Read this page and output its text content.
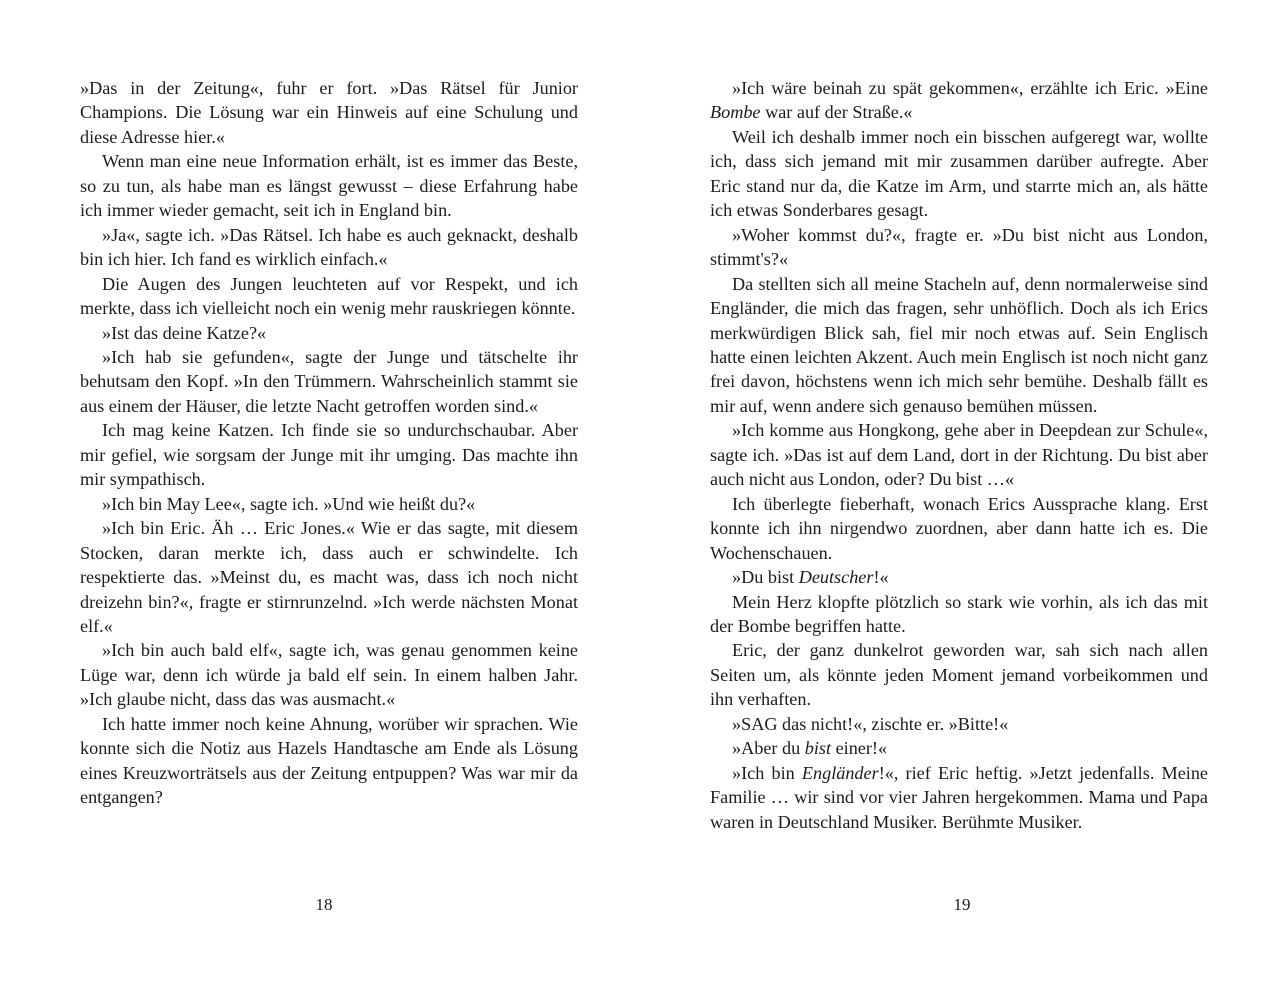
»Das in der Zeitung«, fuhr er fort. »Das Rätsel für Junior Champions. Die Lösung war ein Hinweis auf eine Schulung und diese Adresse hier.«

Wenn man eine neue Information erhält, ist es immer das Beste, so zu tun, als habe man es längst gewusst – diese Erfahrung habe ich immer wieder gemacht, seit ich in England bin.

»Ja«, sagte ich. »Das Rätsel. Ich habe es auch geknackt, deshalb bin ich hier. Ich fand es wirklich einfach.«

Die Augen des Jungen leuchteten auf vor Respekt, und ich merkte, dass ich vielleicht noch ein wenig mehr rauskriegen könnte.

»Ist das deine Katze?«

»Ich hab sie gefunden«, sagte der Junge und tätschelte ihr behutsam den Kopf. »In den Trümmern. Wahrscheinlich stammt sie aus einem der Häuser, die letzte Nacht getroffen worden sind.«

Ich mag keine Katzen. Ich finde sie so undurchschaubar. Aber mir gefiel, wie sorgsam der Junge mit ihr umging. Das machte ihn mir sympathisch.

»Ich bin May Lee«, sagte ich. »Und wie heißt du?«

»Ich bin Eric. Äh … Eric Jones.« Wie er das sagte, mit diesem Stocken, daran merkte ich, dass auch er schwindelte. Ich respektierte das. »Meinst du, es macht was, dass ich noch nicht dreizehn bin?«, fragte er stirnrunzelnd. »Ich werde nächsten Monat elf.«

»Ich bin auch bald elf«, sagte ich, was genau genommen keine Lüge war, denn ich würde ja bald elf sein. In einem halben Jahr. »Ich glaube nicht, dass das was ausmacht.«

Ich hatte immer noch keine Ahnung, worüber wir sprachen. Wie konnte sich die Notiz aus Hazels Handtasche am Ende als Lösung eines Kreuzworträtsels aus der Zeitung entpuppen? Was war mir da entgangen?

»Ich wäre beinah zu spät gekommen«, erzählte ich Eric. »Eine Bombe war auf der Straße.«

Weil ich deshalb immer noch ein bisschen aufgeregt war, wollte ich, dass sich jemand mit mir zusammen darüber aufregte. Aber Eric stand nur da, die Katze im Arm, und starrte mich an, als hätte ich etwas Sonderbares gesagt.

»Woher kommst du?«, fragte er. »Du bist nicht aus London, stimmt's?«

Da stellten sich all meine Stacheln auf, denn normalerweise sind Engländer, die mich das fragen, sehr unhöflich. Doch als ich Erics merkwürdigen Blick sah, fiel mir noch etwas auf. Sein Englisch hatte einen leichten Akzent. Auch mein Englisch ist noch nicht ganz frei davon, höchstens wenn ich mich sehr bemühe. Deshalb fällt es mir auf, wenn andere sich genauso bemühen müssen.

»Ich komme aus Hongkong, gehe aber in Deepdean zur Schule«, sagte ich. »Das ist auf dem Land, dort in der Richtung. Du bist aber auch nicht aus London, oder? Du bist …«

Ich überlegte fieberhaft, wonach Erics Aussprache klang. Erst konnte ich ihn nirgendwo zuordnen, aber dann hatte ich es. Die Wochenschauen.

»Du bist Deutscher!«

Mein Herz klopfte plötzlich so stark wie vorhin, als ich das mit der Bombe begriffen hatte.

Eric, der ganz dunkelrot geworden war, sah sich nach allen Seiten um, als könnte jeden Moment jemand vorbeikommen und ihn verhaften.

»SAG das nicht!«, zischte er. »Bitte!«

»Aber du bist einer!«

»Ich bin Engländer!«, rief Eric heftig. »Jetzt jedenfalls. Meine Familie … wir sind vor vier Jahren hergekommen. Mama und Papa waren in Deutschland Musiker. Berühmte Musiker.

18	19
